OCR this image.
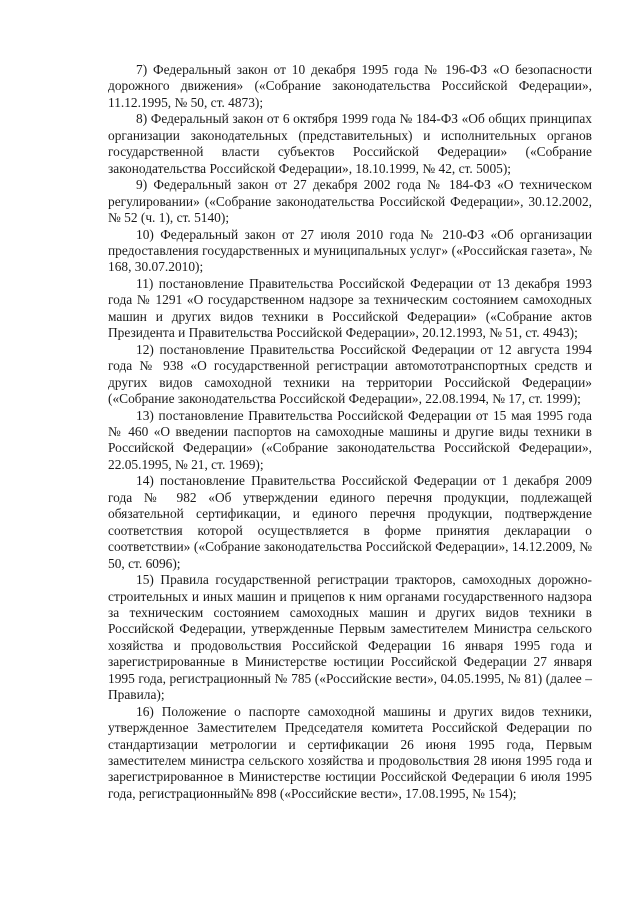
7) Федеральный закон от 10 декабря 1995 года № 196-ФЗ «О безопасности дорожного движения» («Собрание законодательства Российской Федерации», 11.12.1995, № 50, ст. 4873);

8) Федеральный закон от 6 октября 1999 года № 184-ФЗ «Об общих принципах организации законодательных (представительных) и исполнительных органов государственной власти субъектов Российской Федерации» («Собрание законодательства Российской Федерации», 18.10.1999, № 42, ст. 5005);

9) Федеральный закон от 27 декабря 2002 года № 184-ФЗ «О техническом регулировании» («Собрание законодательства Российской Федерации», 30.12.2002, № 52 (ч. 1), ст. 5140);

10) Федеральный закон от 27 июля 2010 года № 210-ФЗ «Об организации предоставления государственных и муниципальных услуг» («Российская газета», № 168, 30.07.2010);

11) постановление Правительства Российской Федерации от 13 декабря 1993 года № 1291 «О государственном надзоре за техническим состоянием самоходных машин и других видов техники в Российской Федерации» («Собрание актов Президента и Правительства Российской Федерации», 20.12.1993, № 51, ст. 4943);

12) постановление Правительства Российской Федерации от 12 августа 1994 года № 938 «О государственной регистрации автомототранспортных средств и других видов самоходной техники на территории Российской Федерации» («Собрание законодательства Российской Федерации», 22.08.1994, № 17, ст. 1999);

13) постановление Правительства Российской Федерации от 15 мая 1995 года № 460 «О введении паспортов на самоходные машины и другие виды техники в Российской Федерации» («Собрание законодательства Российской Федерации», 22.05.1995, № 21, ст. 1969);

14) постановление Правительства Российской Федерации от 1 декабря 2009 года № 982 «Об утверждении единого перечня продукции, подлежащей обязательной сертификации, и единого перечня продукции, подтверждение соответствия которой осуществляется в форме принятия декларации о соответствии» («Собрание законодательства Российской Федерации», 14.12.2009, № 50, ст. 6096);

15) Правила государственной регистрации тракторов, самоходных дорожно-строительных и иных машин и прицепов к ним органами государственного надзора за техническим состоянием самоходных машин и других видов техники в Российской Федерации, утвержденные Первым заместителем Министра сельского хозяйства и продовольствия Российской Федерации 16 января 1995 года и зарегистрированные в Министерстве юстиции Российской Федерации 27 января 1995 года, регистрационный № 785 («Российские вести», 04.05.1995, № 81) (далее – Правила);

16) Положение о паспорте самоходной машины и других видов техники, утвержденное Заместителем Председателя комитета Российской Федерации по стандартизации метрологии и сертификации 26 июня 1995 года, Первым заместителем министра сельского хозяйства и продовольствия 28 июня 1995 года и зарегистрированное в Министерстве юстиции Российской Федерации 6 июля 1995 года, регистрационный№ 898 («Российские вести», 17.08.1995, № 154);
